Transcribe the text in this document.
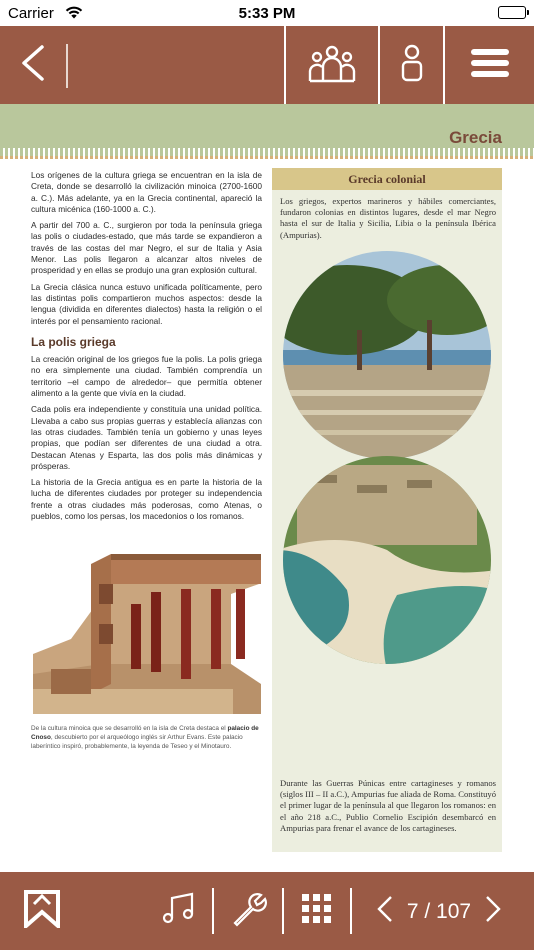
Carrier	5:33 PM
Grecia

Los orígenes de la cultura griega se encuentran en la isla de Creta, donde se desarrolló la civilización minoica (2700-1600 a. C.). Más adelante, ya en la Grecia continental, apareció la cultura micénica (160-1000 a. C.).

A partir del 700 a. C., surgieron por toda la península griega las polis o ciudades-estado, que más tarde se expandieron a través de las costas del mar Negro, el sur de Italia y Asia Menor. Las polis llegaron a alcanzar altos niveles de prosperidad y en ellas se produjo una gran explosión cultural.

La Grecia clásica nunca estuvo unificada políticamente, pero las distintas polis compartieron muchos aspectos: desde la lengua (dividida en diferentes dialectos) hasta la religión o el interés por el pensamiento racional.

La polis griega

La creación original de los griegos fue la polis. La polis griega no era simplemente una ciudad. También comprendía un territorio –el campo de alrededor– que permitía obtener alimento a la gente que vivía en la ciudad.

Cada polis era independiente y constituía una unidad política. Llevaba a cabo sus propias guerras y establecía alianzas con las otras ciudades. También tenía un gobierno y unas leyes propias, que podían ser diferentes de una ciudad a otra. Destacan Atenas y Esparta, las dos polis más dinámicas y prósperas.

La historia de la Grecia antigua es en parte la historia de la lucha de diferentes ciudades por proteger su independencia frente a otras ciudades más poderosas, como Atenas, o pueblos, como los persas, los macedonios o los romanos.

De la cultura minoica que se desarrolló en la isla de Creta destaca el palacio de Cnoso, descubierto por el arqueólogo inglés sir Arthur Evans. Este palacio laberíntico inspiró, probablemente, la leyenda de Teseo y el Minotauro.
Grecia colonial
Los griegos, expertos marineros y hábiles comerciantes, fundaron colonias en distintos lugares, desde el mar Negro hasta el sur de Italia y Sicilia, Libia o la península Ibérica (Ampurias).
Durante las Guerras Púnicas entre cartagineses y romanos (siglos III – II a.C.), Ampurias fue aliada de Roma. Constituyó el primer lugar de la península al que llegaron los romanos: en el año 218 a.C., Publio Cornelio Escipión desembarcó en Ampurias para frenar el avance de los cartagineses.
7 / 107
